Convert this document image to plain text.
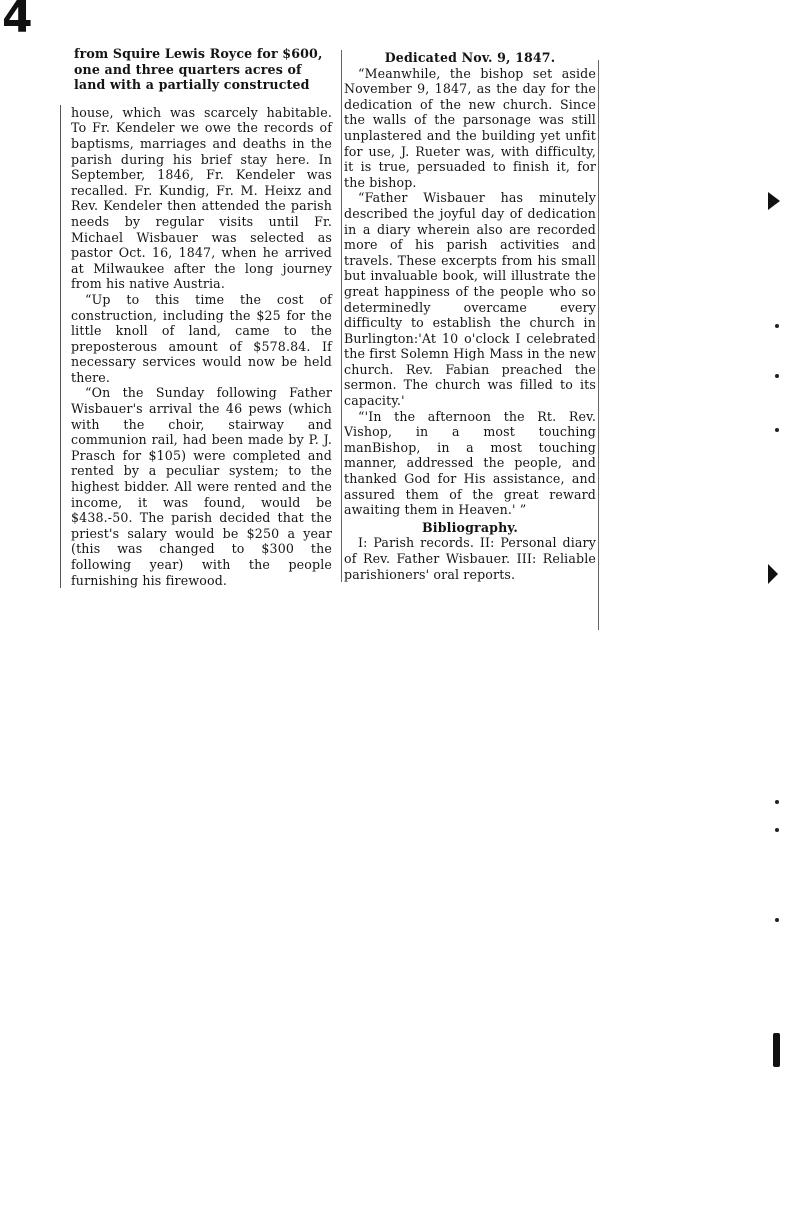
4

from Squire Lewis Royce for $600,

one and three quarters acres of

land with a partially constructed

house, which was scarcely habitable. To Fr. Kendeler we owe the records of baptisms, marriages and deaths in the parish during his brief stay here. In September, 1846, Fr. Kendeler was recalled. Fr. Kundig, Fr. M. Heixz and Rev. Kendeler then attended the parish needs by regular visits until Fr. Michael Wisbauer was selected as pastor Oct. 16, 1847, when he arrived at Milwaukee after the long journey from his native Austria.

“Up to this time the cost of construction, including the $25 for the little knoll of land, came to the preposterous amount of $578.84. If necessary services would now be held there.

“On the Sunday following Father Wisbauer's arrival the 46 pews (which with the choir, stairway and communion rail, had been made by P. J. Prasch for $105) were completed and rented by a peculiar system; to the highest bidder. All were rented and the income, it was found, would be $438.-50. The parish decided that the priest's salary would be $250 a year (this was changed to $300 the following year) with the people furnishing his firewood.

Dedicated Nov. 9, 1847.

“Meanwhile, the bishop set aside November 9, 1847, as the day for the dedication of the new church. Since the walls of the parsonage was still unplastered and the building yet unfit for use, J. Rueter was, with difficulty, it is true, persuaded to finish it, for the bishop.

“Father Wisbauer has minutely described the joyful day of dedication in a diary wherein also are recorded more of his parish activities and travels. These excerpts from his small but invaluable book, will illustrate the great happiness of the people who so determinedly overcame every difficulty to establish the church in Burlington:'At 10 o'clock I celebrated the first Solemn High Mass in the new church. Rev. Fabian preached the sermon. The church was filled to its capacity.'

“'In the afternoon the Rt. Rev. Vishop, in a most touching manBishop, in a most touching manner, addressed the people, and thanked God for His assistance, and assured them of the great reward awaiting them in Heaven.' ”

Bibliography.

I: Parish records. II: Personal diary of Rev. Father Wisbauer. III: Reliable parishioners' oral reports.
